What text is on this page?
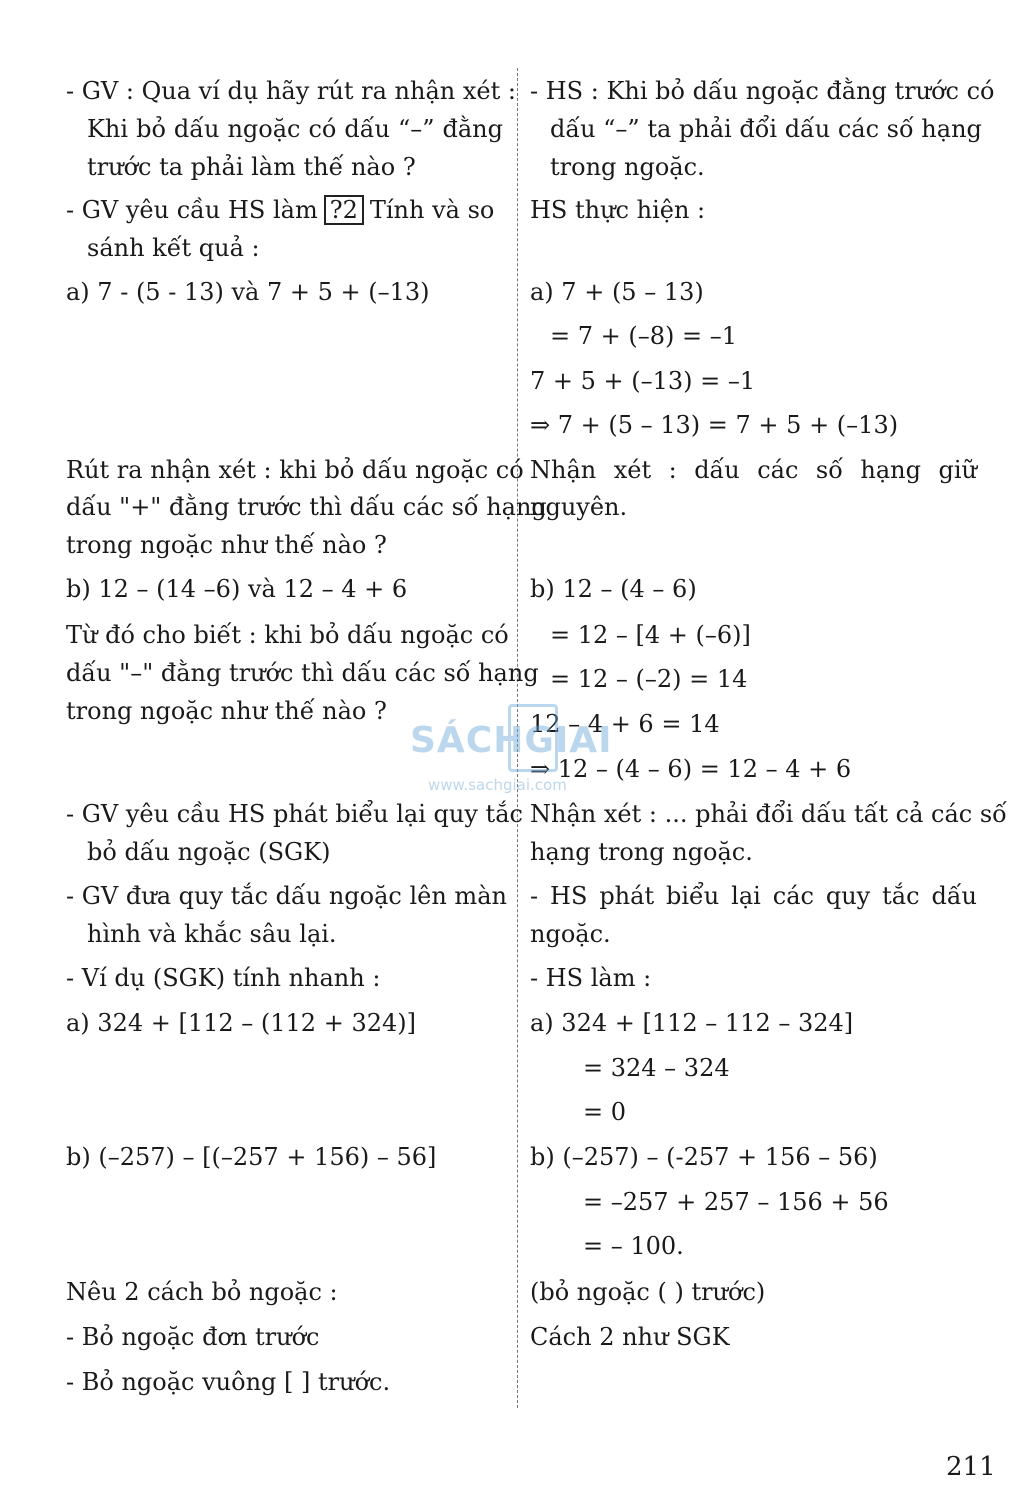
- GV : Qua ví dụ hãy rút ra nhận xét :
Khi bỏ dấu ngoặc có dấu “–” đằng
trước ta phải làm thế nào ?
- GV yêu cầu HS làm ?2 Tính và so
sánh kết quả :
a) 7 - (5 - 13) và 7 + 5 + (–13)
Rút ra nhận xét : khi bỏ dấu ngoặc có
dấu "+" đằng trước thì dấu các số hạng
trong ngoặc như thế nào ?
b) 12 – (14 –6) và 12 – 4 + 6
Từ đó cho biết : khi bỏ dấu ngoặc có
dấu "–" đằng trước thì dấu các số hạng
trong ngoặc như thế nào ?
- GV yêu cầu HS phát biểu lại quy tắc
bỏ dấu ngoặc (SGK)
- GV đưa quy tắc dấu ngoặc lên màn
hình và khắc sâu lại.
- Ví dụ (SGK) tính nhanh :
a) 324 + [112 – (112 + 324)]
b) (–257) – [(–257 + 156) – 56]
Nêu 2 cách bỏ ngoặc :
- Bỏ ngoặc đơn trước
- Bỏ ngoặc vuông [ ] trước.
- HS : Khi bỏ dấu ngoặc đằng trước có
dấu “–” ta phải đổi dấu các số hạng
trong ngoặc.
HS thực hiện :
a) 7 + (5 – 13)
= 7 + (–8) = –1
7 + 5 + (–13) = –1
⇒ 7 + (5 – 13) = 7 + 5 + (–13)
Nhận xét : dấu các số hạng giữ
nguyên.
b) 12 – (4 – 6)
= 12 – [4 + (–6)]
= 12 – (–2) = 14
12 – 4 + 6 = 14
⇒ 12 – (4 – 6) = 12 – 4 + 6
Nhận xét : ... phải đổi dấu tất cả các số
hạng trong ngoặc.
- HS phát biểu lại các quy tắc dấu
ngoặc.
- HS làm :
a) 324 + [112 – 112 – 324]
= 324 – 324
= 0
b) (–257) – (-257 + 156 – 56)
= –257 + 257 – 156 + 56
= – 100.
(bỏ ngoặc ( ) trước)
Cách 2 như SGK
SÁCHGIAI
www.sachgiai.com
211
